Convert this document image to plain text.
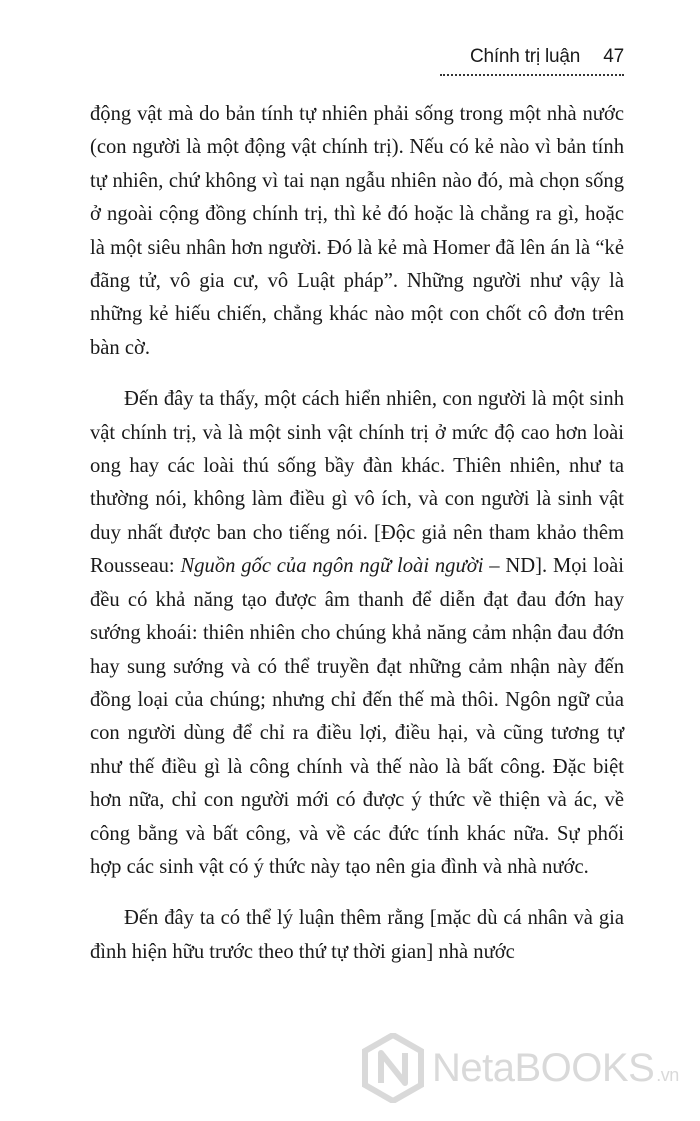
Chính trị luận 47

động vật mà do bản tính tự nhiên phải sống trong một nhà nước (con người là một động vật chính trị). Nếu có kẻ nào vì bản tính tự nhiên, chứ không vì tai nạn ngẫu nhiên nào đó, mà chọn sống ở ngoài cộng đồng chính trị, thì kẻ đó hoặc là chẳng ra gì, hoặc là một siêu nhân hơn người. Đó là kẻ mà Homer đã lên án là “kẻ đãng tử, vô gia cư, vô Luật pháp”. Những người như vậy là những kẻ hiếu chiến, chẳng khác nào một con chốt cô đơn trên bàn cờ.

Đến đây ta thấy, một cách hiển nhiên, con người là một sinh vật chính trị, và là một sinh vật chính trị ở mức độ cao hơn loài ong hay các loài thú sống bầy đàn khác. Thiên nhiên, như ta thường nói, không làm điều gì vô ích, và con người là sinh vật duy nhất được ban cho tiếng nói. [Độc giả nên tham khảo thêm Rousseau: Nguồn gốc của ngôn ngữ loài người – ND]. Mọi loài đều có khả năng tạo được âm thanh để diễn đạt đau đớn hay sướng khoái: thiên nhiên cho chúng khả năng cảm nhận đau đớn hay sung sướng và có thể truyền đạt những cảm nhận này đến đồng loại của chúng; nhưng chỉ đến thế mà thôi. Ngôn ngữ của con người dùng để chỉ ra điều lợi, điều hại, và cũng tương tự như thế điều gì là công chính và thế nào là bất công. Đặc biệt hơn nữa, chỉ con người mới có được ý thức về thiện và ác, về công bằng và bất công, và về các đức tính khác nữa. Sự phối hợp các sinh vật có ý thức này tạo nên gia đình và nhà nước.

Đến đây ta có thể lý luận thêm rằng [mặc dù cá nhân và gia đình hiện hữu trước theo thứ tự thời gian] nhà nước

NetaBOOKS .vn
